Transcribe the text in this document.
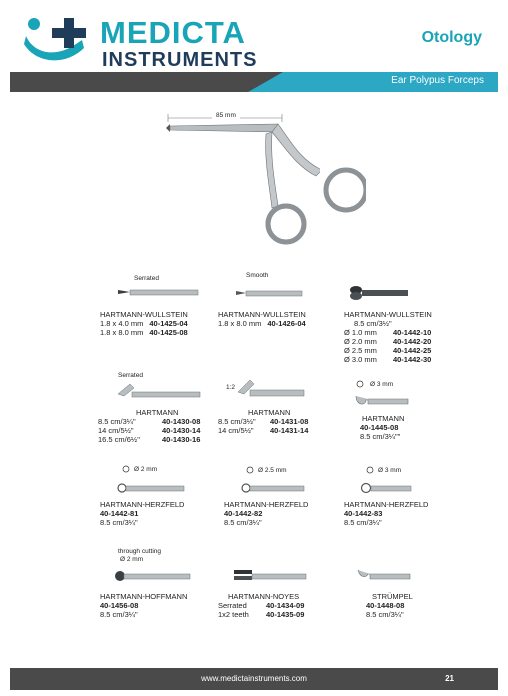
MEDICTA
INSTRUMENTS
Otology
Ear Polypus Forceps
85 mm
Serrated
HARTMANN-WULLSTEIN
1.8 x 4.0 mm 40-1425-04
1.8 x 8.0 mm 40-1425-08
Smooth
HARTMANN-WULLSTEIN
1.8 x 8.0 mm 40-1426-04
HARTMANN-WULLSTEIN
8.5 cm/3½"
Ø 1.0 mm 40-1442-10
Ø 2.0 mm 40-1442-20
Ø 2.5 mm 40-1442-25
Ø 3.0 mm 40-1442-30
Serrated
HARTMANN
8.5 cm/3¼"	40-1430-08
14 cm/5½"	40-1430-14
16.5 cm/6½"	40-1430-16
1:2
HARTMANN
8.5 cm/3½"	40-1431-08
14 cm/5½"	40-1431-14
Ø 3 mm
HARTMANN
40-1445-08
8.5 cm/3¼""
Ø 2 mm
HARTMANN-HERZFELD
40-1442-81
8.5 cm/3¼"
Ø 2.5 mm
HARTMANN-HERZFELD
40-1442-82
8.5 cm/3¼"
Ø 3 mm
HARTMANN-HERZFELD
40-1442-83
8.5 cm/3¼"
through cutting
Ø 2 mm
HARTMANN-HOFFMANN
40-1456-08
8.5 cm/3¼"
HARTMANN-NOYES
Serrated	40-1434-09
1x2 teeth	40-1435-09
STRÜMPEL
40-1448-08
8.5 cm/3¼"
www.medictainstruments.com	21
